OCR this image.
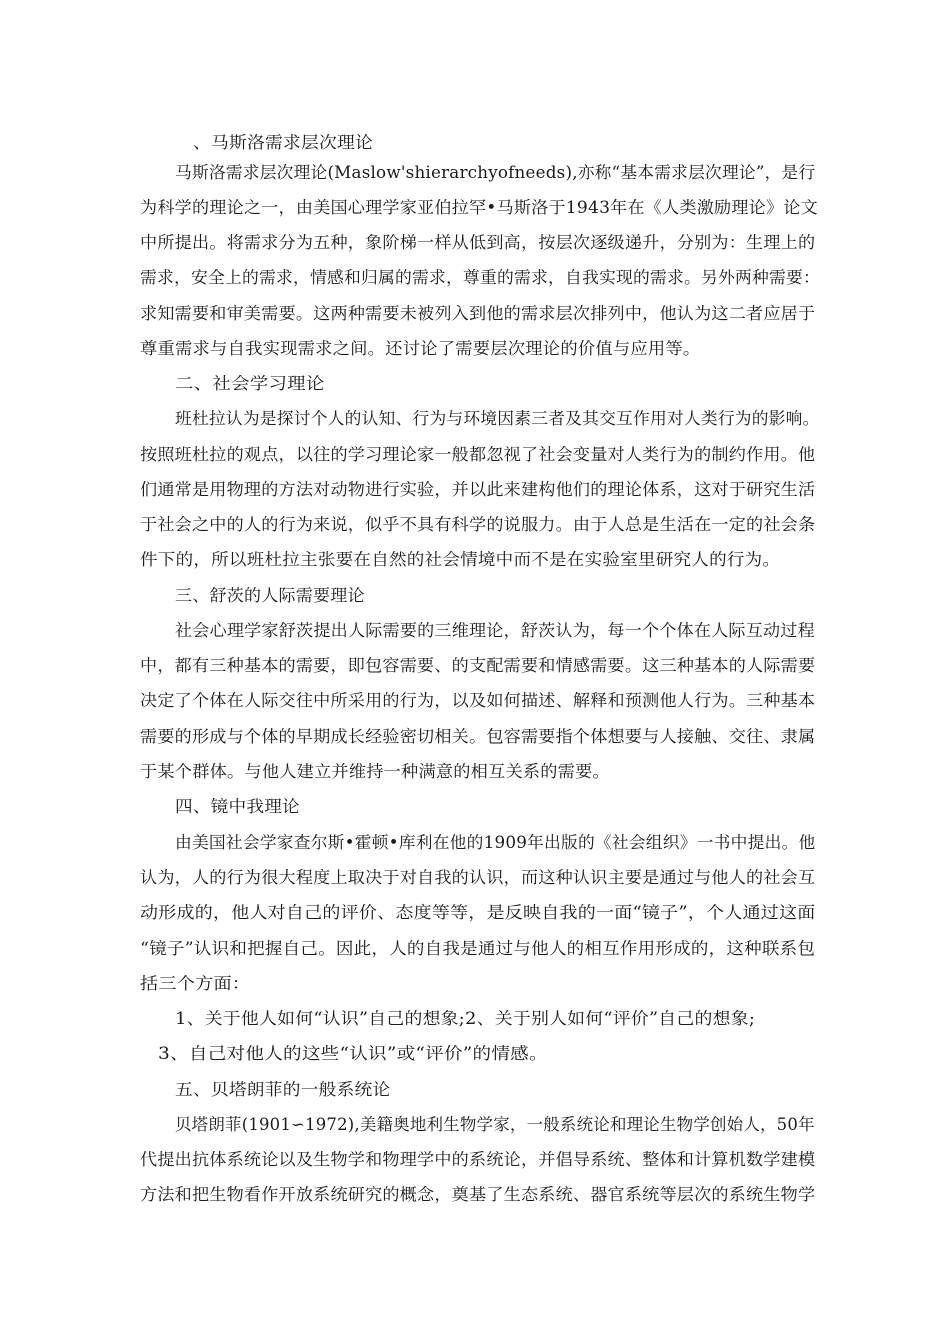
、马斯洛需求层次理论
马斯洛需求层次理论(Maslow'shierarchyofneeds),亦称“基本需求层次理论”，是行
为科学的理论之一，由美国心理学家亚伯拉罕•马斯洛于1943年在《人类激励理论》论文
中所提出。将需求分为五种，象阶梯一样从低到高，按层次逐级递升，分别为：生理上的
需求，安全上的需求，情感和归属的需求，尊重的需求，自我实现的需求。另外两种需要：
求知需要和审美需要。这两种需要未被列入到他的需求层次排列中，他认为这二者应居于
尊重需求与自我实现需求之间。还讨论了需要层次理论的价值与应用等。
二、社会学习理论
班杜拉认为是探讨个人的认知、行为与环境因素三者及其交互作用对人类行为的影响。
按照班杜拉的观点，以往的学习理论家一般都忽视了社会变量对人类行为的制约作用。他
们通常是用物理的方法对动物进行实验，并以此来建构他们的理论体系，这对于研究生活
于社会之中的人的行为来说，似乎不具有科学的说服力。由于人总是生活在一定的社会条
件下的，所以班杜拉主张要在自然的社会情境中而不是在实验室里研究人的行为。
三、舒茨的人际需要理论
社会心理学家舒茨提出人际需要的三维理论，舒茨认为，每一个个体在人际互动过程
中，都有三种基本的需要，即包容需要、的支配需要和情感需要。这三种基本的人际需要
决定了个体在人际交往中所采用的行为，以及如何描述、解释和预测他人行为。三种基本
需要的形成与个体的早期成长经验密切相关。包容需要指个体想要与人接触、交往、隶属
于某个群体。与他人建立并维持一种满意的相互关系的需要。
四、镜中我理论
由美国社会学家查尔斯•霍顿•库利在他的1909年出版的《社会组织》一书中提出。他
认为，人的行为很大程度上取决于对自我的认识，而这种认识主要是通过与他人的社会互
动形成的，他人对自己的评价、态度等等，是反映自我的一面“镜子”，个人通过这面
“镜子”认识和把握自己。因此，人的自我是通过与他人的相互作用形成的，这种联系包
括三个方面：
1、关于他人如何“认识”自己的想象;2、关于别人如何“评价”自己的想象;
3、自己对他人的这些“认识”或“评价”的情感。
五、贝塔朗菲的一般系统论
贝塔朗菲(1901∽1972),美籍奥地利生物学家，一般系统论和理论生物学创始人，50年
代提出抗体系统论以及生物学和物理学中的系统论，并倡导系统、整体和计算机数学建模
方法和把生物看作开放系统研究的概念，奠基了生态系统、器官系统等层次的系统生物学
